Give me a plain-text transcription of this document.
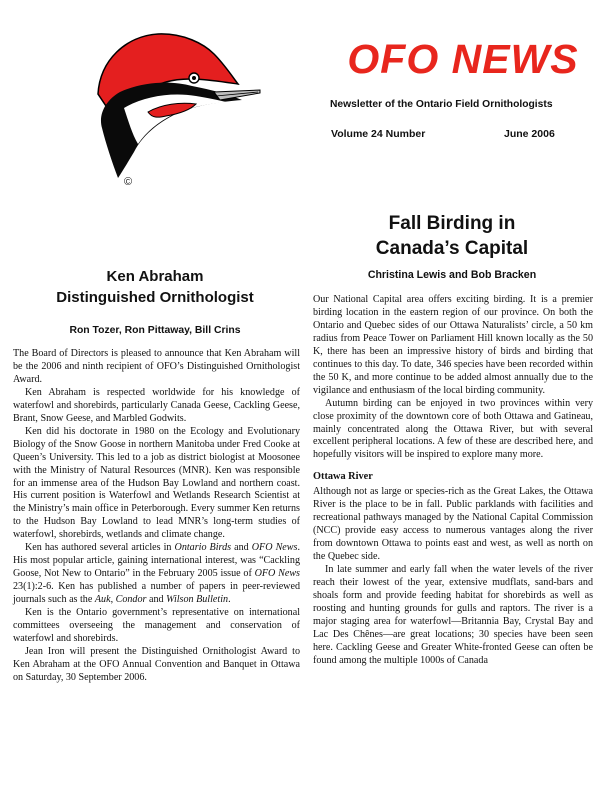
©
OFO NEWS
Newsletter of the Ontario Field Ornithologists
Volume 24 Number	June 2006
Fall Birding in
Canada’s Capital
Christina Lewis and Bob Bracken

Our National Capital area offers exciting birding. It is a premier birding location in the eastern region of our province. On both the Ontario and Quebec sides of our Ottawa Naturalists’ circle, a 50 km radius from Peace Tower on Parliament Hill known locally as the 50 K, there has been an impressive history of birds and birding that continues to this day. To date, 346 species have been recorded within the 50 K, and more continue to be added almost annually due to the vigilance and enthusiasm of the local birding community.

Autumn birding can be enjoyed in two provinces within very close proximity of the downtown core of both Ottawa and Gatineau, mainly concentrated along the Ottawa River, but with several excellent peripheral locations. A few of these are described here, and hopefully visitors will be inspired to explore many more.

Ottawa River

Although not as large or species-rich as the Great Lakes, the Ottawa River is the place to be in fall. Public parklands with facilities and recreational pathways managed by the National Capital Commission (NCC) provide easy access to numerous vantages along the river from downtown Ottawa to points east and west, as well as north on the Quebec side.

In late summer and early fall when the water levels of the river reach their lowest of the year, extensive mudflats, sand-bars and shoals form and provide feeding habitat for shorebirds as well as roosting and hunting grounds for gulls and raptors. The river is a major staging area for waterfowl—Britannia Bay, Crystal Bay and Lac Des Chênes—are great locations; 30 species have been seen here. Cackling Geese and Greater White-fronted Geese can often be found among the multiple 1000s of Canada

Ken Abraham
Distinguished Ornithologist
Ron Tozer, Ron Pittaway, Bill Crins

The Board of Directors is pleased to announce that Ken Abraham will be the 2006 and ninth recipient of OFO’s Distinguished Ornithologist Award.

Ken Abraham is respected worldwide for his knowledge of waterfowl and shorebirds, particularly Canada Geese, Cackling Geese, Brant, Snow Geese, and Marbled Godwits.

Ken did his doctorate in 1980 on the Ecology and Evolutionary Biology of the Snow Goose in northern Manitoba under Fred Cooke at Queen’s University. This led to a job as district biologist at Moosonee with the Ministry of Natural Resources (MNR). Ken was responsible for an immense area of the Hudson Bay Lowland and northern coast. His current position is Waterfowl and Wetlands Research Scientist at the Ministry’s main office in Peterborough. Every summer Ken returns to the Hudson Bay Lowland to lead MNR’s long-term studies of waterfowl, shorebirds, wetlands and climate change.

Ken has authored several articles in Ontario Birds and OFO News. His most popular article, gaining international interest, was “Cackling Goose, Not New to Ontario” in the February 2005 issue of OFO News 23(1):2-6. Ken has published a number of papers in peer-reviewed journals such as the Auk, Condor and Wilson Bulletin.

Ken is the Ontario government’s representative on international committees overseeing the management and conservation of waterfowl and shorebirds.

Jean Iron will present the Distinguished Ornithologist Award to Ken Abraham at the OFO Annual Convention and Banquet in Ottawa on Saturday, 30 September 2006.
